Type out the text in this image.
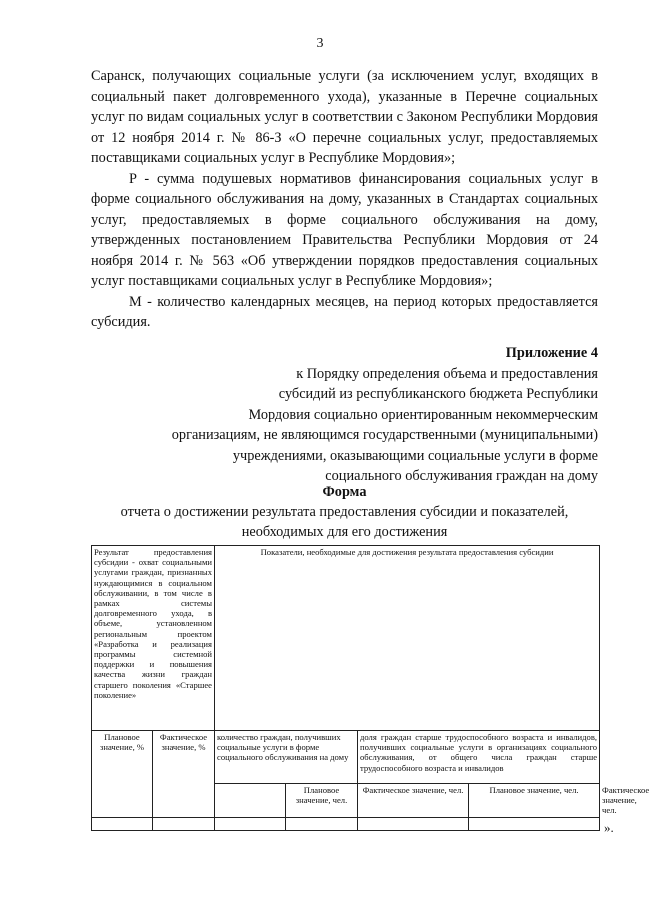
3

Саранск, получающих социальные услуги (за исключением услуг, входящих в социальный пакет долговременного ухода), указанные в Перечне социальных услуг по видам социальных услуг в соответствии с Законом Республики Мордовия от 12 ноября 2014 г. № 86-З «О перечне социальных услуг, предоставляемых поставщиками социальных услуг в Республике Мордовия»;

P - сумма подушевых нормативов финансирования социальных услуг в форме социального обслуживания на дому, указанных в Стандартах социальных услуг, предоставляемых в форме социального обслуживания на дому, утвержденных постановлением Правительства Республики Мордовия от 24 ноября 2014 г. № 563 «Об утверждении порядков предоставления социальных услуг поставщиками социальных услуг в Республике Мордовия»;

M - количество календарных месяцев, на период которых предоставляется субсидия.

Приложение 4
к Порядку определения объема и предоставления
субсидий из республиканского бюджета Республики
Мордовия социально ориентированным некоммерческим
организациям, не являющимся государственными (муниципальными)
учреждениями, оказывающими социальные услуги в форме
социального обслуживания граждан на дому
Форма
отчета о достижении результата предоставления субсидии и показателей,
необходимых для его достижения
Результат предоставления субсидии - охват социальными услугами граждан, признанных нуждающимися в социальном обслуживании, в том числе в рамках системы долговременного ухода, в объеме, установленном региональным проектом «Разработка и реализация программы системной поддержки и повышения качества жизни граждан старшего поколения «Старшее поколение»		Показатели, необходимые для достижения результата предоставления субсидии				
Плановое значение, %	Фактическое значение, %	количество граждан, получивших социальные услуги в форме социального обслуживания на дому		доля граждан старше трудоспособного возраста и инвалидов, получивших социальные услуги в организациях социального обслуживания, от общего числа граждан старше трудоспособного возраста и инвалидов		
			Плановое значение, чел.	Фактическое значение, чел.	Плановое значение, чел.	Фактическое значение, чел.

».
